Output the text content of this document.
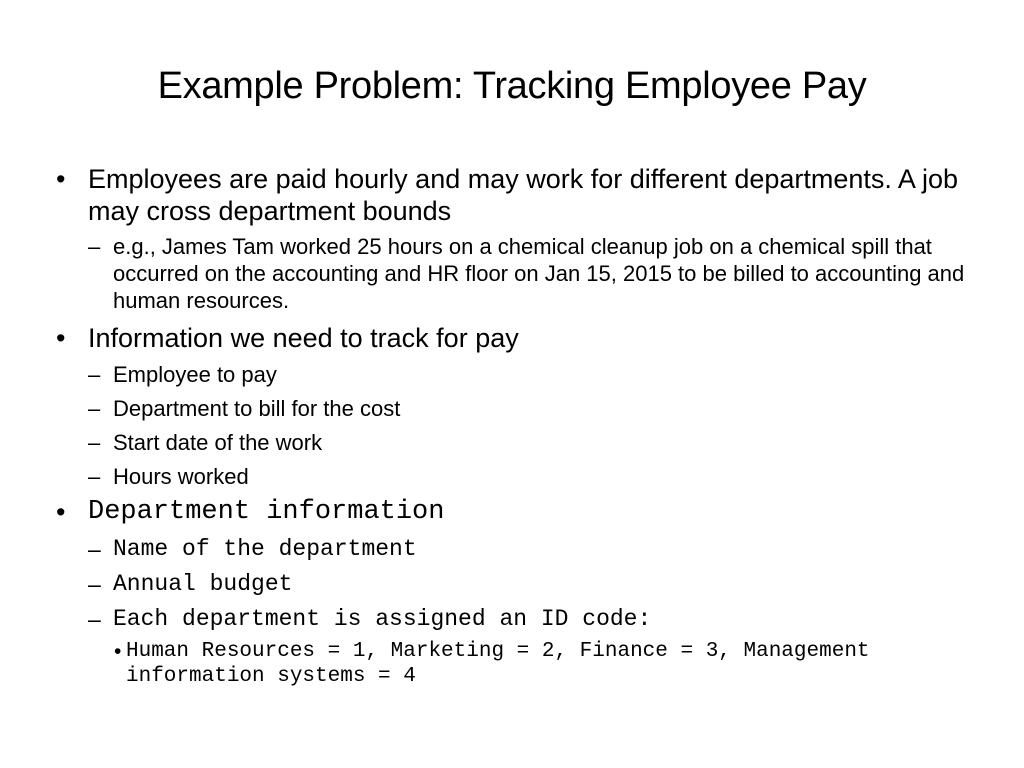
Example Problem: Tracking Employee Pay
• Employees are paid hourly and may work for different departments. A job may cross department bounds
– e.g., James Tam worked 25 hours on a chemical cleanup job on a chemical spill that occurred on the accounting and HR floor on Jan 15, 2015 to be billed to accounting and human resources.
• Information we need to track for pay
– Employee to pay
– Department to bill for the cost
– Start date of the work
– Hours worked
• Department information
– Name of the department
– Annual budget
– Each department is assigned an ID code:
• Human Resources = 1, Marketing = 2, Finance = 3, Management information systems = 4
